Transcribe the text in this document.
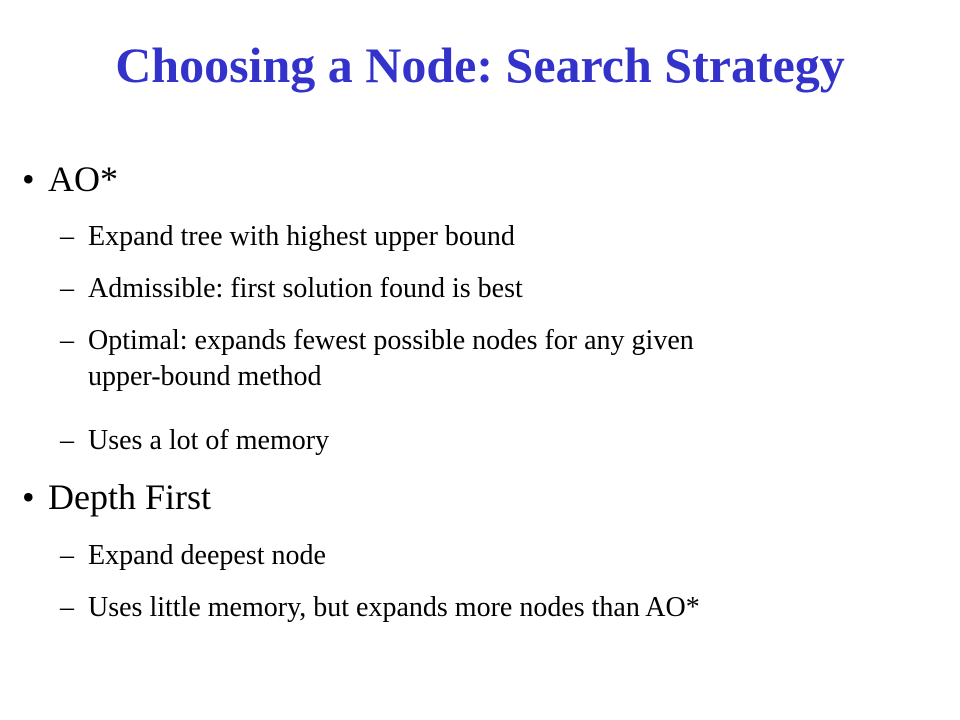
Choosing a Node: Search Strategy
• AO*
– Expand tree with highest upper bound
– Admissible: first solution found is best
– Optimal: expands fewest possible nodes for any given
upper-bound method
– Uses a lot of memory
• Depth First
– Expand deepest node
– Uses little memory, but expands more nodes than AO*
